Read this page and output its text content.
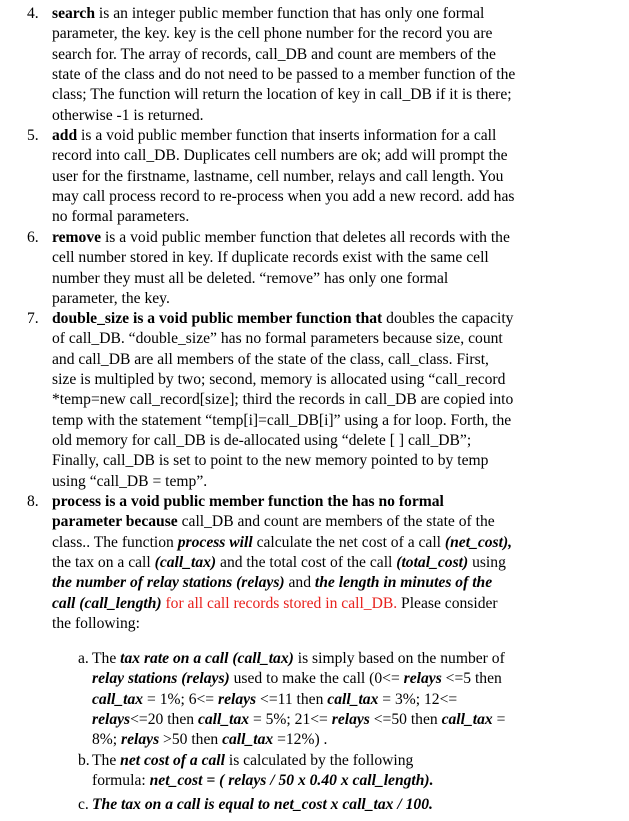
4. search is an integer public member function that has only one formal
parameter, the key. key is the cell phone number for the record you are
search for. The array of records, call_DB and count are members of the
state of the class and do not need to be passed to a member function of the
class; The function will return the location of key in call_DB if it is there;
otherwise -1 is returned.
5. add is a void public member function that inserts information for a call
record into call_DB. Duplicates cell numbers are ok; add will prompt the
user for the firstname, lastname, cell number, relays and call length. You
may call process record to re-process when you add a new record. add has
no formal parameters.
6. remove is a void public member function that deletes all records with the
cell number stored in key. If duplicate records exist with the same cell
number they must all be deleted. “remove” has only one formal
parameter, the key.
7. double_size is a void public member function that doubles the capacity
of call_DB. “double_size” has no formal parameters because size, count
and call_DB are all members of the state of the class, call_class. First,
size is multipled by two; second, memory is allocated using “call_record
*temp=new call_record[size]; third the records in call_DB are copied into
temp with the statement “temp[i]=call_DB[i]” using a for loop. Forth, the
old memory for call_DB is de-allocated using “delete [ ] call_DB”;
Finally, call_DB is set to point to the new memory pointed to by temp
using “call_DB = temp”.
8. process is a void public member function the has no formal
parameter because call_DB and count are members of the state of the
class.. The function process will calculate the net cost of a call (net_cost),
the tax on a call (call_tax) and the total cost of the call (total_cost) using
the number of relay stations (relays) and the length in minutes of the
call (call_length) for all call records stored in call_DB. Please consider
the following:
a. The tax rate on a call (call_tax) is simply based on the number of
relay stations (relays) used to make the call (0<= relays <=5 then
call_tax = 1%; 6<= relays <=11 then call_tax = 3%; 12<=
relays<=20 then call_tax = 5%; 21<= relays <=50 then call_tax =
8%; relays >50 then call_tax =12%) .
b. The net cost of a call is calculated by the following
formula: net_cost = ( relays / 50 x 0.40 x call_length).
c. The tax on a call is equal to net_cost x call_tax / 100.
